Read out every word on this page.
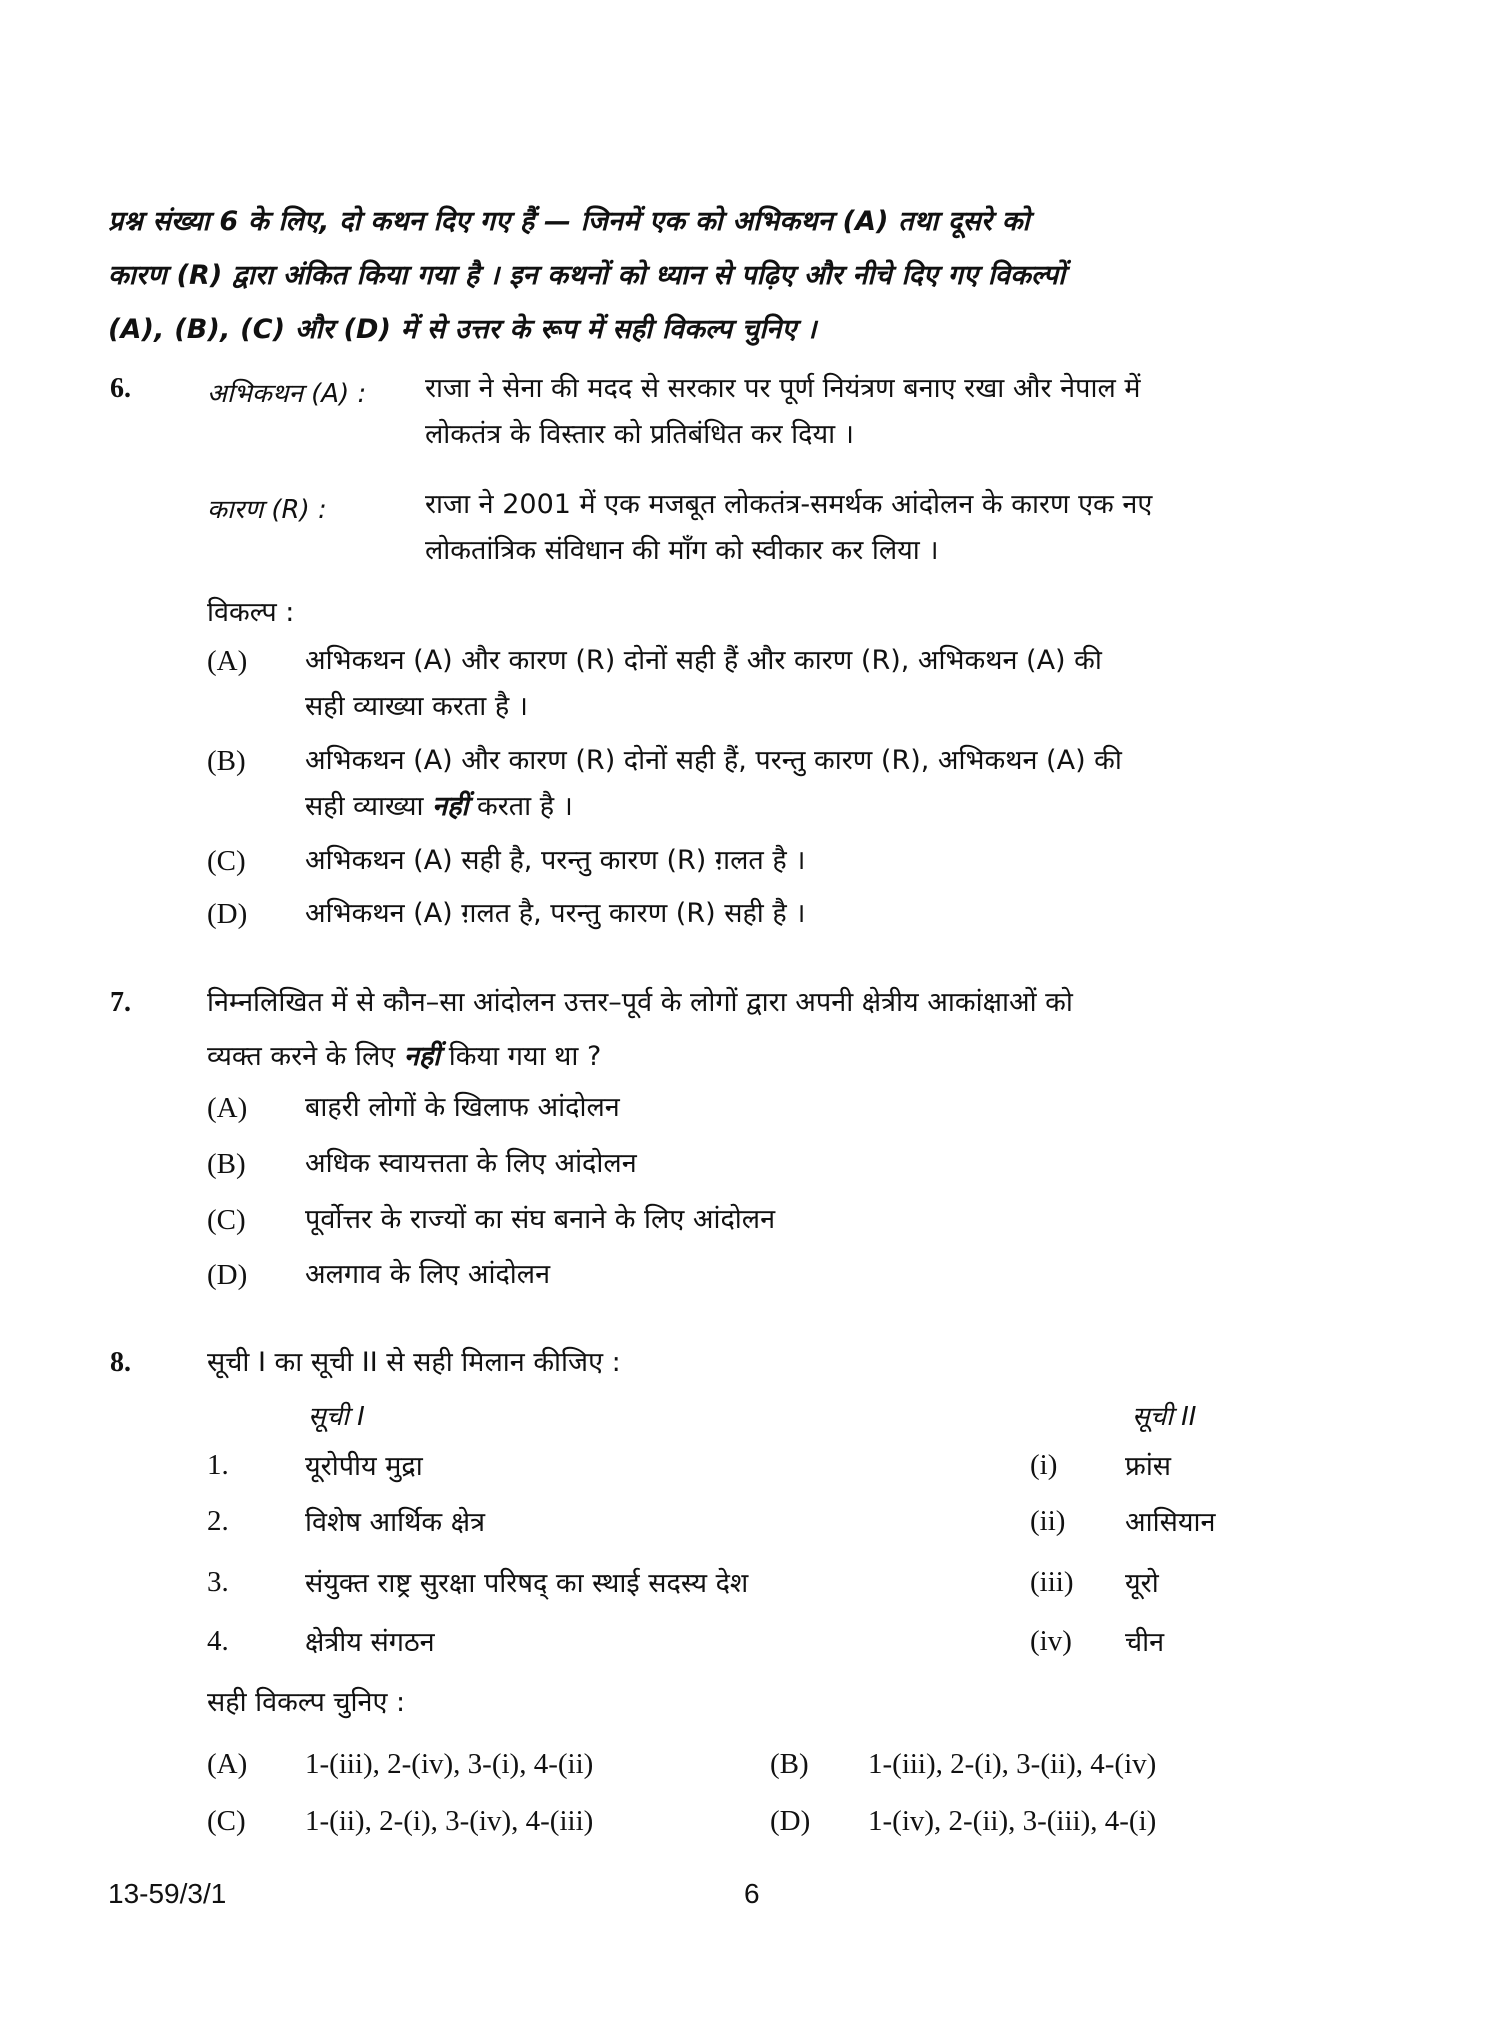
प्रश्न संख्या 6 के लिए, दो कथन दिए गए हैं — जिनमें एक को अभिकथन (A) तथा दूसरे को
कारण (R) द्वारा अंकित किया गया है । इन कथनों को ध्यान से पढ़िए और नीचे दिए गए विकल्पों
(A), (B), (C) और (D) में से उत्तर के रूप में सही विकल्प चुनिए ।
6.	अभिकथन (A) : राजा ने सेना की मदद से सरकार पर पूर्ण नियंत्रण बनाए रखा और नेपाल में
लोकतंत्र के विस्तार को प्रतिबंधित कर दिया ।
कारण (R) :	राजा ने 2001 में एक मजबूत लोकतंत्र-समर्थक आंदोलन के कारण एक नए
लोकतांत्रिक संविधान की माँग को स्वीकार कर लिया ।
विकल्प :
(A) अभिकथन (A) और कारण (R) दोनों सही हैं और कारण (R), अभिकथन (A) की
सही व्याख्या करता है ।
(B) अभिकथन (A) और कारण (R) दोनों सही हैं, परन्तु कारण (R), अभिकथन (A) की
सही व्याख्या नहीं करता है ।
(C) अभिकथन (A) सही है, परन्तु कारण (R) ग़लत है ।
(D) अभिकथन (A) ग़लत है, परन्तु कारण (R) सही है ।
7.	निम्नलिखित में से कौन–सा आंदोलन उत्तर–पूर्व के लोगों द्वारा अपनी क्षेत्रीय आकांक्षाओं को
व्यक्त करने के लिए नहीं किया गया था ?
(A) बाहरी लोगों के खिलाफ आंदोलन
(B) अधिक स्वायत्तता के लिए आंदोलन
(C) पूर्वोत्तर के राज्यों का संघ बनाने के लिए आंदोलन
(D) अलगाव के लिए आंदोलन
8.	सूची I का सूची II से सही मिलान कीजिए :
सूची I	सूची II
1.	यूरोपीय मुद्रा	(i)	फ्रांस
2.	विशेष आर्थिक क्षेत्र	(ii) आसियान
3.	संयुक्त राष्ट्र सुरक्षा परिषद् का स्थाई सदस्य देश	(iii) यूरो
4.	क्षेत्रीय संगठन	(iv) चीन
सही विकल्प चुनिए :
(A) 1-(iii), 2-(iv), 3-(i), 4-(ii)	(B) 1-(iii), 2-(i), 3-(ii), 4-(iv)
(C) 1-(ii), 2-(i), 3-(iv), 4-(iii)	(D) 1-(iv), 2-(ii), 3-(iii), 4-(i)
13-59/3/1	6
